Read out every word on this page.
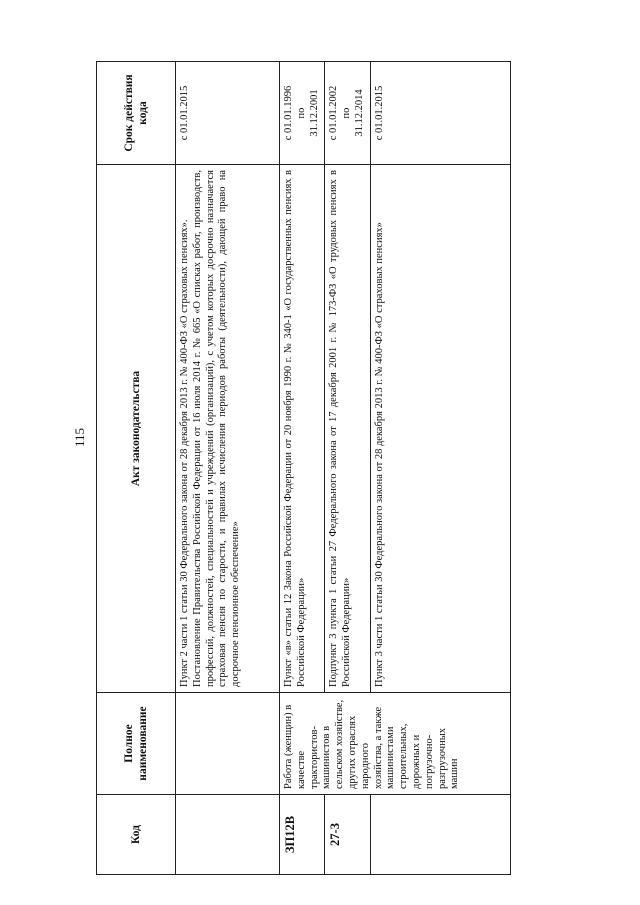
115
Код	Полное наименование	Акт законодательства	Срок действия кода

		Пункт 2 части 1 статьи 30 Федерального закона от 28 декабря 2013 г. № 400-ФЗ «О страховых пенсиях». Постановление Правительства Российской Федерации от 16 июля 2014 г. № 665 «О списках работ, производств, профессий, должностей, специальностей и учреждений (организаций), с учетом которых досрочно назначается страховая пенсия по старости, и правилах исчисления периодов работы (деятельности), дающей право на досрочное пенсионное обеспечение»	с 01.01.2015

ЗП12В	Работа (женщин) в качестве трактористов-машинистов в сельском хозяйстве, других отраслях народного хозяйства, а также машинистами строительных, дорожных и погрузочно-разгрузочных машин	Пункт «в» статьи 12 Закона Российской Федерации от 20 ноября 1990 г. № 340-1 «О государственных пенсиях в Российской Федерации»	с 01.01.1996 по 31.12.2001

27-3		Подпункт 3 пункта 1 статьи 27 Федерального закона от 17 декабря 2001 г. № 173-ФЗ «О трудовых пенсиях в Российской Федерации»	с 01.01.2002 по 31.12.2014

		Пункт 3 части 1 статьи 30 Федерального закона от 28 декабря 2013 г. № 400-ФЗ «О страховых пенсиях»	с 01.01.2015
